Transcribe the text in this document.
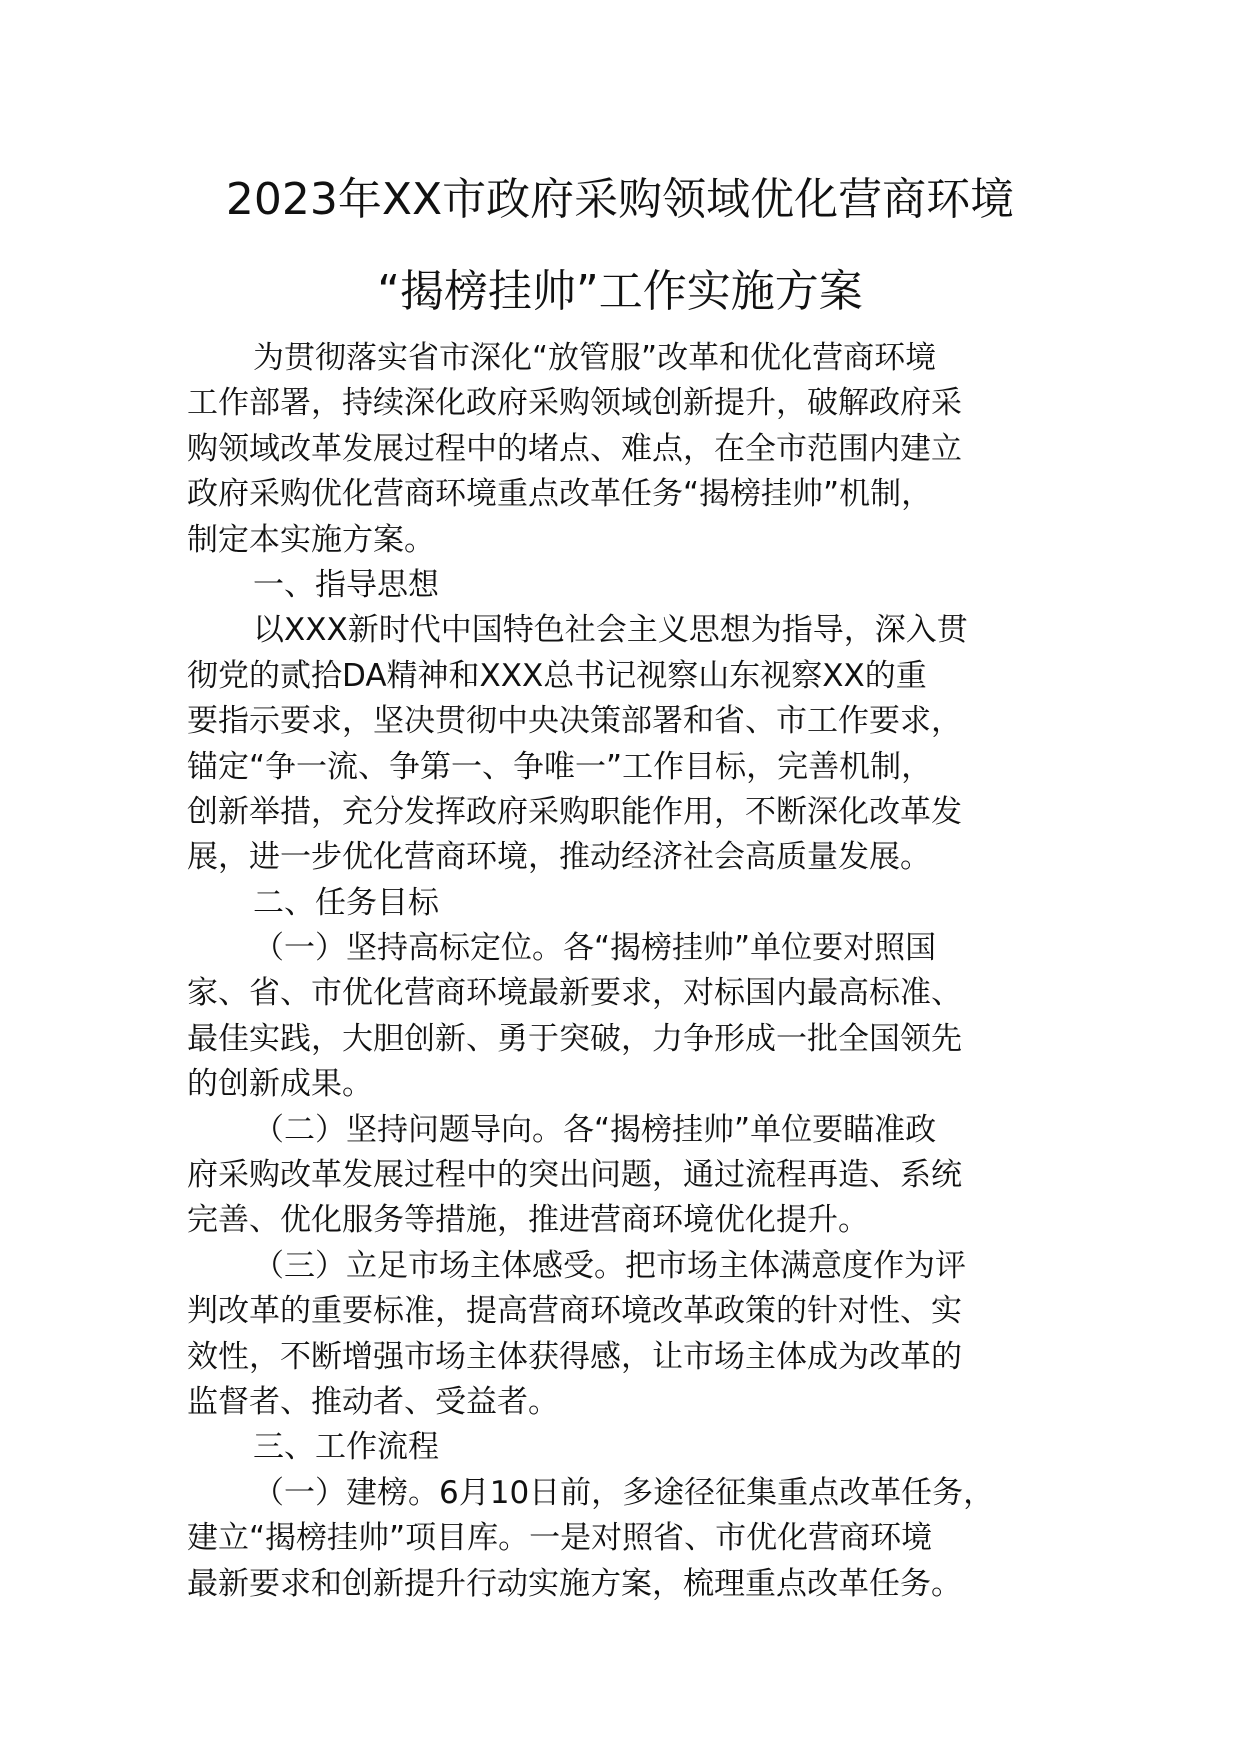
2023年XX市政府采购领域优化营商环境
“揭榜挂帅”工作实施方案
为贯彻落实省市深化“放管服”改革和优化营商环境
工作部署，持续深化政府采购领域创新提升，破解政府采
购领域改革发展过程中的堵点、难点，在全市范围内建立
政府采购优化营商环境重点改革任务“揭榜挂帅”机制，
制定本实施方案。
一、指导思想
以XXX新时代中国特色社会主义思想为指导，深入贯
彻党的贰拾DA精神和XXX总书记视察山东视察XX的重
要指示要求，坚决贯彻中央决策部署和省、市工作要求，
锚定“争一流、争第一、争唯一”工作目标，完善机制，
创新举措，充分发挥政府采购职能作用，不断深化改革发
展，进一步优化营商环境，推动经济社会高质量发展。
二、任务目标
（一）坚持高标定位。各“揭榜挂帅”单位要对照国
家、省、市优化营商环境最新要求，对标国内最高标准、
最佳实践，大胆创新、勇于突破，力争形成一批全国领先
的创新成果。
（二）坚持问题导向。各“揭榜挂帅”单位要瞄准政
府采购改革发展过程中的突出问题，通过流程再造、系统
完善、优化服务等措施，推进营商环境优化提升。
（三）立足市场主体感受。把市场主体满意度作为评
判改革的重要标准，提高营商环境改革政策的针对性、实
效性，不断增强市场主体获得感，让市场主体成为改革的
监督者、推动者、受益者。
三、工作流程
（一）建榜。6月10日前，多途径征集重点改革任务，
建立“揭榜挂帅”项目库。一是对照省、市优化营商环境
最新要求和创新提升行动实施方案，梳理重点改革任务。
